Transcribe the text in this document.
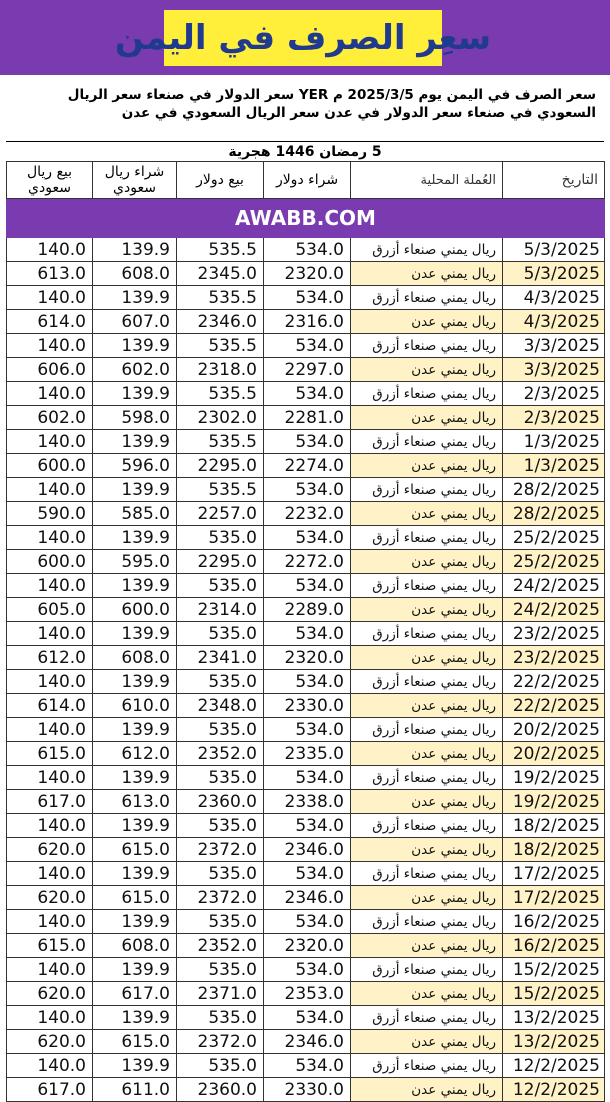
سعِر الصرف في اليمن
سعر الصرف في اليمن يوم 2025/3/5 م YER سعر الدولار في صنعاء سعر الريال السعودي في صنعاء سعر الدولار في عدن سعر الريال السعودي في عدن
5 رمضان 1446 هجرية
التاريخ	العُملة المحلية	شراء دولار	بيع دولار	شراء ريال سعودي	بيع ريال سعودي
AWABB.COM					
5/3/2025	ريال يمني صنعاء أزرق	534.0	535.5	139.9	140.0
5/3/2025	ريال يمني عدن	2320.0	2345.0	608.0	613.0
4/3/2025	ريال يمني صنعاء أزرق	534.0	535.5	139.9	140.0
4/3/2025	ريال يمني عدن	2316.0	2346.0	607.0	614.0
3/3/2025	ريال يمني صنعاء أزرق	534.0	535.5	139.9	140.0
3/3/2025	ريال يمني عدن	2297.0	2318.0	602.0	606.0
2/3/2025	ريال يمني صنعاء أزرق	534.0	535.5	139.9	140.0
2/3/2025	ريال يمني عدن	2281.0	2302.0	598.0	602.0
1/3/2025	ريال يمني صنعاء أزرق	534.0	535.5	139.9	140.0
1/3/2025	ريال يمني عدن	2274.0	2295.0	596.0	600.0
28/2/2025	ريال يمني صنعاء أزرق	534.0	535.5	139.9	140.0
28/2/2025	ريال يمني عدن	2232.0	2257.0	585.0	590.0
25/2/2025	ريال يمني صنعاء أزرق	534.0	535.0	139.9	140.0
25/2/2025	ريال يمني عدن	2272.0	2295.0	595.0	600.0
24/2/2025	ريال يمني صنعاء أزرق	534.0	535.0	139.9	140.0
24/2/2025	ريال يمني عدن	2289.0	2314.0	600.0	605.0
23/2/2025	ريال يمني صنعاء أزرق	534.0	535.0	139.9	140.0
23/2/2025	ريال يمني عدن	2320.0	2341.0	608.0	612.0
22/2/2025	ريال يمني صنعاء أزرق	534.0	535.0	139.9	140.0
22/2/2025	ريال يمني عدن	2330.0	2348.0	610.0	614.0
20/2/2025	ريال يمني صنعاء أزرق	534.0	535.0	139.9	140.0
20/2/2025	ريال يمني عدن	2335.0	2352.0	612.0	615.0
19/2/2025	ريال يمني صنعاء أزرق	534.0	535.0	139.9	140.0
19/2/2025	ريال يمني عدن	2338.0	2360.0	613.0	617.0
18/2/2025	ريال يمني صنعاء أزرق	534.0	535.0	139.9	140.0
18/2/2025	ريال يمني عدن	2346.0	2372.0	615.0	620.0
17/2/2025	ريال يمني صنعاء أزرق	534.0	535.0	139.9	140.0
17/2/2025	ريال يمني عدن	2346.0	2372.0	615.0	620.0
16/2/2025	ريال يمني صنعاء أزرق	534.0	535.0	139.9	140.0
16/2/2025	ريال يمني عدن	2320.0	2352.0	608.0	615.0
15/2/2025	ريال يمني صنعاء أزرق	534.0	535.0	139.9	140.0
15/2/2025	ريال يمني عدن	2353.0	2371.0	617.0	620.0
13/2/2025	ريال يمني صنعاء أزرق	534.0	535.0	139.9	140.0
13/2/2025	ريال يمني عدن	2346.0	2372.0	615.0	620.0
12/2/2025	ريال يمني صنعاء أزرق	534.0	535.0	139.9	140.0
12/2/2025	ريال يمني عدن	2330.0	2360.0	611.0	617.0
